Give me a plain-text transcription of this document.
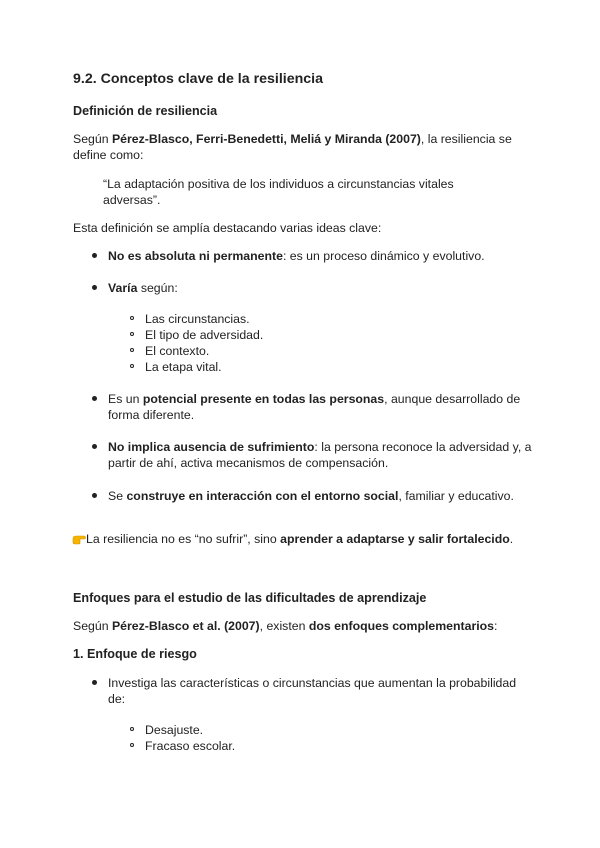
9.2. Conceptos clave de la resiliencia
Definición de resiliencia
Según Pérez-Blasco, Ferri-Benedetti, Meliá y Miranda (2007), la resiliencia se
define como:
“La adaptación positiva de los individuos a circunstancias vitales
adversas”.
Esta definición se amplía destacando varias ideas clave:
No es absoluta ni permanente: es un proceso dinámico y evolutivo.
Varía según:
Las circunstancias.
El tipo de adversidad.
El contexto.
La etapa vital.
Es un potencial presente en todas las personas, aunque desarrollado de
forma diferente.
No implica ausencia de sufrimiento: la persona reconoce la adversidad y, a
partir de ahí, activa mecanismos de compensación.
Se construye en interacción con el entorno social, familiar y educativo.
La resiliencia no es “no sufrir”, sino aprender a adaptarse y salir fortalecido.
Enfoques para el estudio de las dificultades de aprendizaje
Según Pérez-Blasco et al. (2007), existen dos enfoques complementarios:
1. Enfoque de riesgo
Investiga las características o circunstancias que aumentan la probabilidad
de:
Desajuste.
Fracaso escolar.
